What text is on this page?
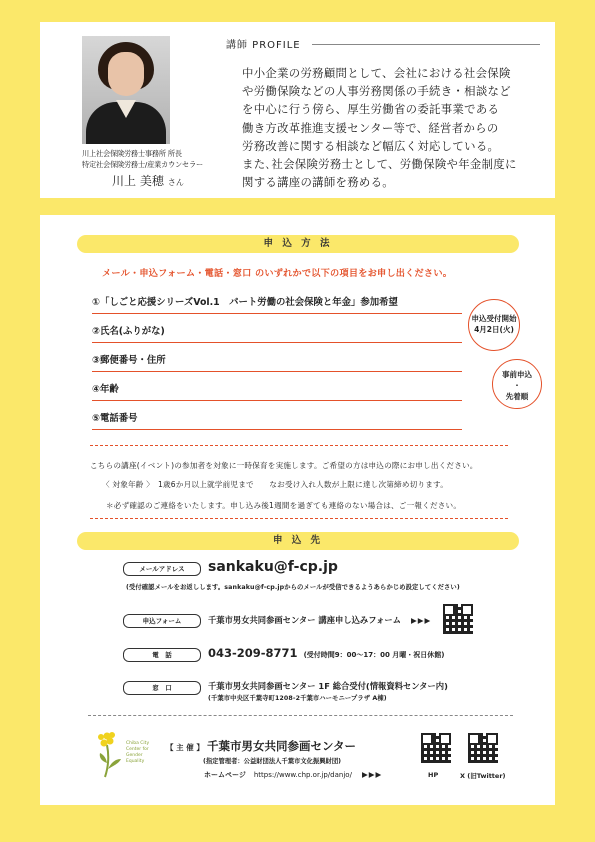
川上社会保険労務士事務所 所長
特定社会保険労務士/産業カウンセラー
川上 美穂 さん
講師 PROFILE

中小企業の労務顧問として、会社における社会保険

や労働保険などの人事労務関係の手続き・相談など

を中心に行う傍ら、厚生労働省の委託事業である

働き方改革推進支援センター等で、経営者からの

労務改善に関する相談など幅広く対応している。

また､社会保険労務士として、労働保険や年金制度に

関する講座の講師を務める。

申 込 方 法
メール・申込フォーム・電話・窓口 のいずれかで以下の項目をお申し出ください。
①「しごと応援シリーズVol.1　パート労働の社会保険と年金」参加希望
②氏名(ふりがな)
③郵便番号・住所
④年齢
⑤電話番号
申込受付開始
4月2日(火)
事前申込
・
先着順
こちらの講座(イベント)の参加者を対象に一時保育を実施します。ご希望の方は申込の際にお申し出ください。
〈 対象年齢 〉　1歳6か月以上就学前児まで　　なお受け入れ人数が上限に達し次第締め切ります。
＊必ず確認のご連絡をいたします。申し込み後1週間を過ぎても連絡のない場合は、ご一報ください。
申 込 先
メールアドレス	sankaku@f-cp.jp
(受付確認メールをお返しします。sankaku@f-cp.jpからのメールが受信できるようあらかじめ設定してください)
申込フォーム	千葉市男女共同参画センター 講座申し込みフォーム ▶▶▶
電　話	043-209-8771 (受付時間9：00～17：00 月曜・祝日休館)
窓　口	千葉市男女共同参画センター 1F 総合受付(情報資料センター内)
(千葉市中央区千葉寺町1208-2千葉市ハーモニープラザ A棟)
Chiba City
Center for
Gender
Equality
【 主 催 】 千葉市男女共同参画センター
(指定管理者：公益財団法人千葉市文化振興財団)
ホームページ https://www.chp.or.jp/danjo/ ▶▶▶	HP	X (旧Twitter)
